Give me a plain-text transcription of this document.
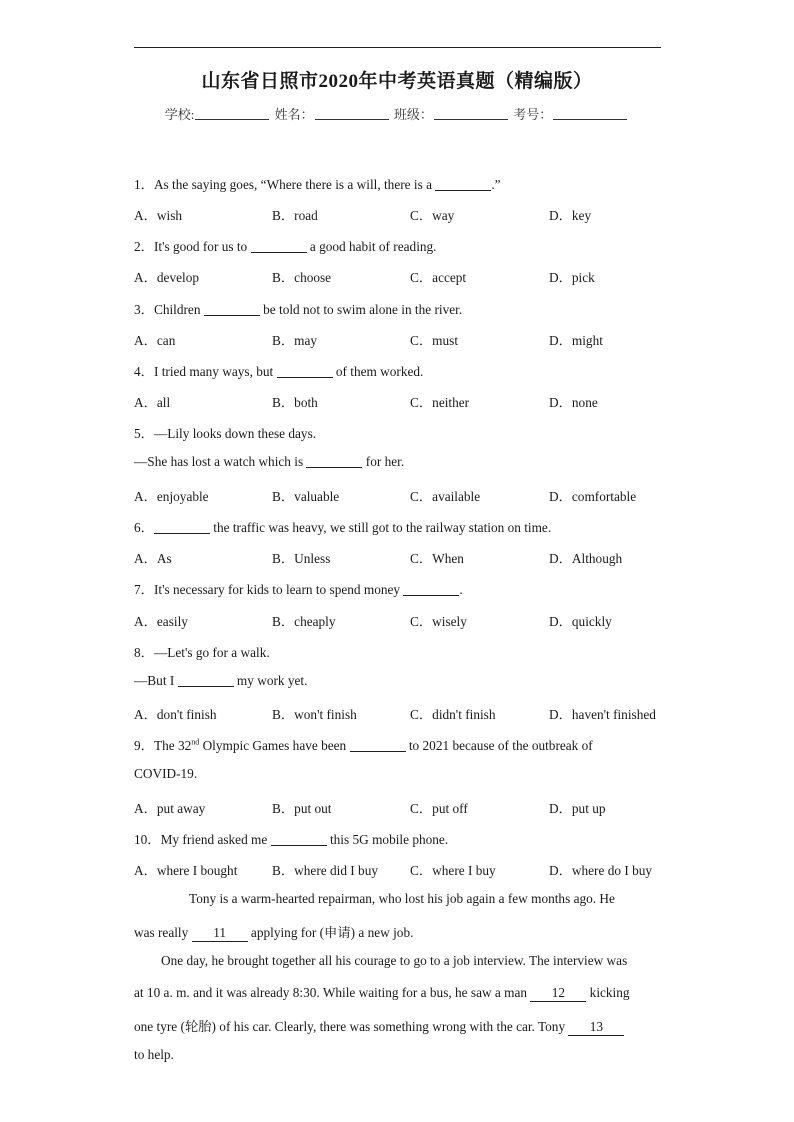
山东省日照市2020年中考英语真题（精编版）
学校:	姓名：	班级：	考号：
1．As the saying goes, “Where there is a will, there is a	.”
A．wish	B．road	C．way	D．key
2．It's good for us to	a good habit of reading.
A．develop	B．choose	C．accept	D．pick
3．Children	be told not to swim alone in the river.
A．can	B．may	C．must	D．might
4．I tried many ways, but	of them worked.
A．all	B．both	C．neither	D．none
5．—Lily looks down these days.
—She has lost a watch which is	for her.
A．enjoyable	B．valuable	C．available	D．comfortable
6．	the traffic was heavy, we still got to the railway station on time.
A．As	B．Unless	C．When	D．Although
7．It's necessary for kids to learn to spend money	.
A．easily	B．cheaply	C．wisely	D．quickly
8．—Let's go for a walk.
—But I	my work yet.
A．don't finish	B．won't finish	C．didn't finish	D．haven't finished
9．The 32nd Olympic Games have been	to 2021 because of the outbreak of
COVID-19.
A．put away	B．put out	C．put off	D．put up
10．My friend asked me	this 5G mobile phone.
A．where I bought	B．where did I buy C．where I buy	D．where do I buy
Tony is a warm-hearted repairman, who lost his job again a few months ago. He
was really 11 applying for (申请) a new job.
One day, he brought together all his courage to go to a job interview. The interview was
at 10 a. m. and it was already 8:30. While waiting for a bus, he saw a man 12 kicking
one tyre (轮胎) of his car. Clearly, there was something wrong with the car. Tony 13
to help.
